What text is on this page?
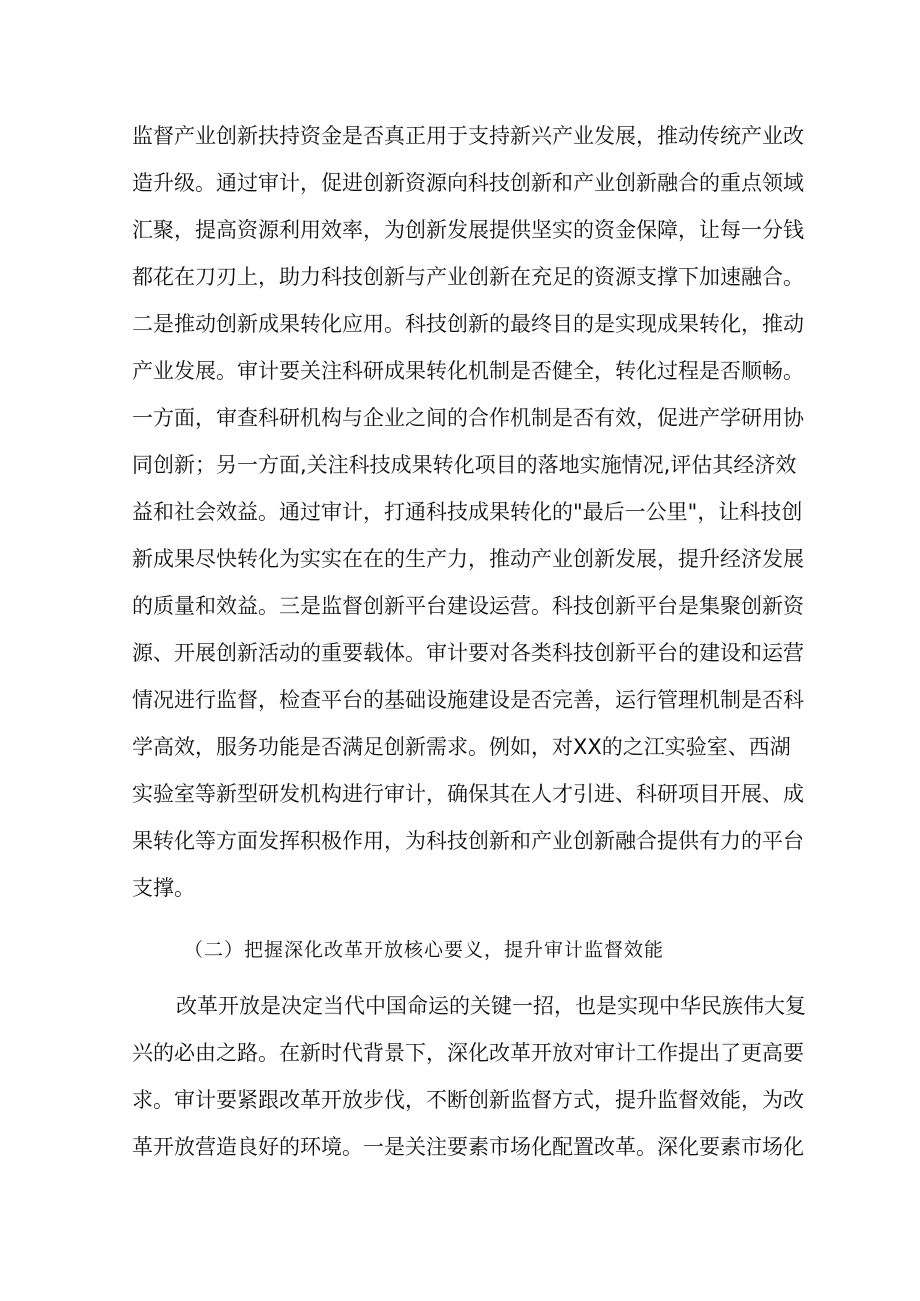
监督产业创新扶持资金是否真正用于支持新兴产业发展，推动传统产业改
造升级。通过审计，促进创新资源向科技创新和产业创新融合的重点领域
汇聚，提高资源利用效率，为创新发展提供坚实的资金保障，让每一分钱
都花在刀刃上，助力科技创新与产业创新在充足的资源支撑下加速融合。
二是推动创新成果转化应用。科技创新的最终目的是实现成果转化，推动
产业发展。审计要关注科研成果转化机制是否健全，转化过程是否顺畅。
一方面，审查科研机构与企业之间的合作机制是否有效，促进产学研用协
同创新；另一方面,关注科技成果转化项目的落地实施情况,评估其经济效
益和社会效益。通过审计，打通科技成果转化的"最后一公里"，让科技创
新成果尽快转化为实实在在的生产力，推动产业创新发展，提升经济发展
的质量和效益。三是监督创新平台建设运营。科技创新平台是集聚创新资
源、开展创新活动的重要载体。审计要对各类科技创新平台的建设和运营
情况进行监督，检查平台的基础设施建设是否完善，运行管理机制是否科
学高效，服务功能是否满足创新需求。例如，对XX的之江实验室、西湖
实验室等新型研发机构进行审计，确保其在人才引进、科研项目开展、成
果转化等方面发挥积极作用，为科技创新和产业创新融合提供有力的平台
支撑。
（二）把握深化改革开放核心要义，提升审计监督效能
改革开放是决定当代中国命运的关键一招，也是实现中华民族伟大复
兴的必由之路。在新时代背景下，深化改革开放对审计工作提出了更高要
求。审计要紧跟改革开放步伐，不断创新监督方式，提升监督效能，为改
革开放营造良好的环境。一是关注要素市场化配置改革。深化要素市场化
